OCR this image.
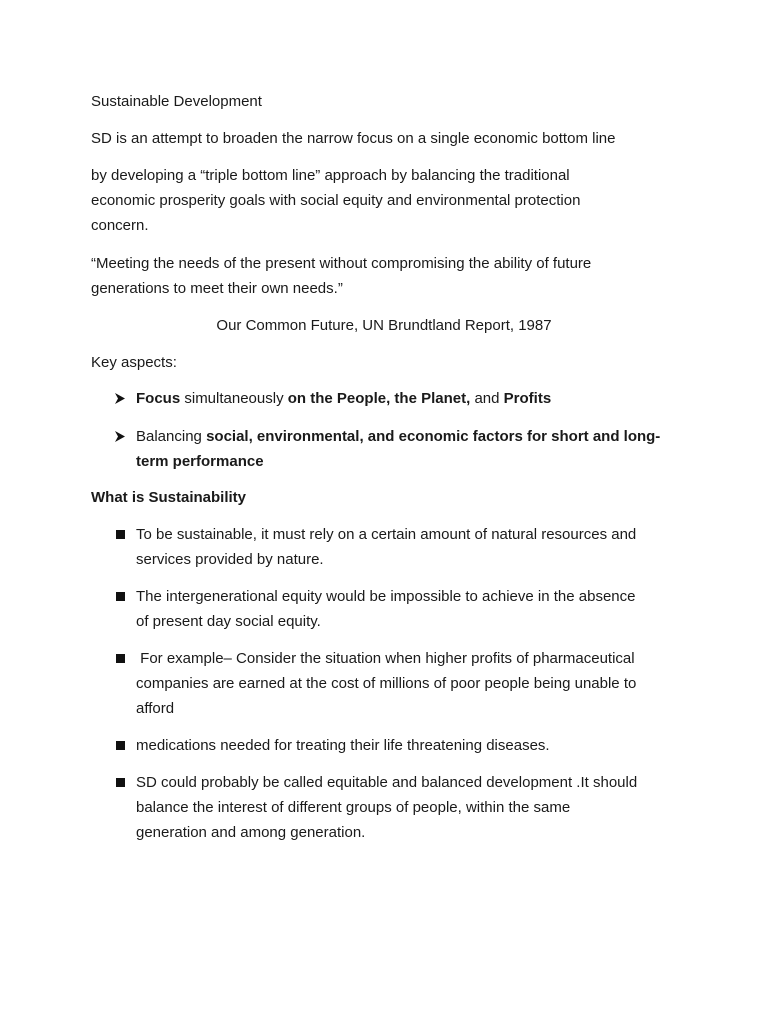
Sustainable Development
SD is an attempt to broaden the narrow focus on a single economic bottom line
by developing a “triple bottom line” approach by balancing the traditional
economic prosperity goals with social equity and environmental protection
concern.
“Meeting the needs of the present without compromising the ability of future
generations to meet their own needs.”
Our Common Future, UN Brundtland Report, 1987
Key aspects:
Focus simultaneously on the People, the Planet, and Profits
Balancing social, environmental, and economic factors for short and long-
term performance
What is Sustainability
To be sustainable, it must rely on a certain amount of natural resources and
services provided by nature.
The intergenerational equity would be impossible to achieve in the absence
of present day social equity.
For example– Consider the situation when higher profits of pharmaceutical
companies are earned at the cost of millions of poor people being unable to
afford
medications needed for treating their life threatening diseases.
SD could probably be called equitable and balanced development .It should
balance the interest of different groups of people, within the same
generation and among generation.
